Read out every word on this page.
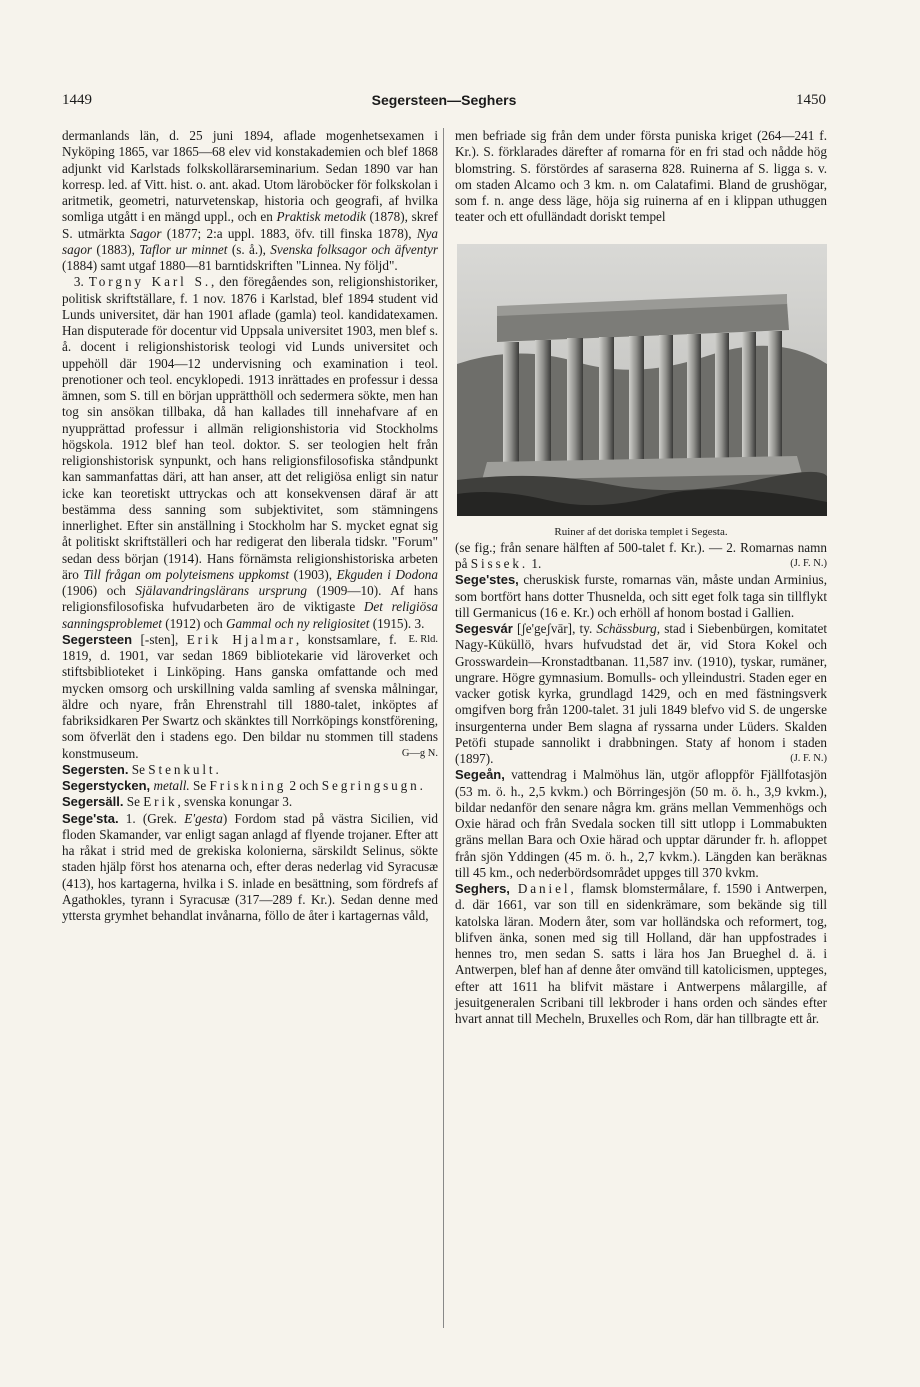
1449	Segersteen—Seghers	1450

dermanlands län, d. 25 juni 1894, aflade mogenhetsexamen i Nyköping 1865, var 1865—68 elev vid konstakademien och blef 1868 adjunkt vid Karlstads folkskollärarseminarium. Sedan 1890 var han korresp. led. af Vitt. hist. o. ant. akad. Utom läroböcker för folkskolan i aritmetik, geometri, naturvetenskap, historia och geografi, af hvilka somliga utgått i en mängd uppl., och en Praktisk metodik (1878), skref S. utmärkta Sagor (1877; 2:a uppl. 1883, öfv. till finska 1878), Nya sagor (1883), Taflor ur minnet (s. å.), Svenska folksagor och äfventyr (1884) samt utgaf 1880—81 barntidskriften "Linnea. Ny följd".

3. Torgny Karl S., den föregåendes son, religionshistoriker, politisk skriftställare, f. 1 nov. 1876 i Karlstad, blef 1894 student vid Lunds universitet, där han 1901 aflade (gamla) teol. kandidatexamen. Han disputerade för docentur vid Uppsala universitet 1903, men blef s. å. docent i religionshistorisk teologi vid Lunds universitet och uppehöll där 1904—12 undervisning och examination i teol. prenotioner och teol. encyklopedi. 1913 inrättades en professur i dessa ämnen, som S. till en början upprätthöll och sedermera sökte, men han tog sin ansökan tillbaka, då han kallades till innehafvare af en nyupprättad professur i allmän religionshistoria vid Stockholms högskola. 1912 blef han teol. doktor. S. ser teologien helt från religionshistorisk synpunkt, och hans religionsfilosofiska ståndpunkt kan sammanfattas däri, att han anser, att det religiösa enligt sin natur icke kan teoretiskt uttryckas och att konsekvensen däraf är att bestämma dess sanning som subjektivitet, som stämningens innerlighet. Efter sin anställning i Stockholm har S. mycket egnat sig åt politiskt skriftställeri och har redigerat den liberala tidskr. "Forum" sedan dess början (1914). Hans förnämsta religionshistoriska arbeten äro Till frågan om polyteismens uppkomst (1903), Ekguden i Dodona (1906) och Själavandringslärans ursprung (1909—10). Af hans religionsfilosofiska hufvudarbeten äro de viktigaste Det religiösa sanningsproblemet (1912) och Gammal och ny religiositet (1915). 3.
E. Rld.

Segersteen [-sten], Erik Hjalmar, konstsamlare, f. 1819, d. 1901, var sedan 1869 bibliotekarie vid läroverket och stiftsbiblioteket i Linköping. Hans ganska omfattande och med mycken omsorg och urskillning valda samling af svenska målningar, äldre och nyare, från Ehrenstrahl till 1880-talet, inköptes af fabriksidkaren Per Swartz och skänktes till Norrköpings konstförening, som öfverlät den i stadens ego. Den bildar nu stommen till stadens konstmuseum.	G—g N.

Segersten. Se Stenkult.

Segerstycken, metall. Se Friskning 2 och Segringsugn.

Segersäll. Se Erik, svenska konungar 3.

Sege'sta. 1. (Grek. E'gesta) Fordom stad på västra Sicilien, vid floden Skamander, var enligt sagan anlagd af flyende trojaner. Efter att ha råkat i strid med de grekiska kolonierna, särskildt Selinus, sökte staden hjälp först hos atenarna och, efter deras nederlag vid Syracusæ (413), hos kartagerna, hvilka i S. inlade en besättning, som fördrefs af Agathokles, tyrann i Syracusæ (317—289 f. Kr.). Sedan denne med yttersta grymhet behandlat invånarna, föllo de åter i kartagernas våld,

men befriade sig från dem under första puniska kriget (264—241 f. Kr.). S. förklarades därefter af romarna för en fri stad och nådde hög blomstring. S. förstördes af saraserna 828. Ruinerna af S. ligga s. v. om staden Alcamo och 3 km. n. om Calatafimi. Bland de grushögar, som f. n. ange dess läge, höja sig ruinerna af en i klippan uthuggen teater och ett ofulländadt doriskt tempel

Ruiner af det doriska templet i Segesta.

(se fig.; från senare hälften af 500-talet f. Kr.). — 2. Romarnas namn på Sissek. 1.	(J. F. N.)

Sege'stes, cheruskisk furste, romarnas vän, måste undan Arminius, som bortfört hans dotter Thusnelda, och sitt eget folk taga sin tillflykt till Germanicus (16 e. Kr.) och erhöll af honom bostad i Gallien.

Segesvár [ʃe'geʃvār], ty. Schässburg, stad i Siebenbürgen, komitatet Nagy-Küküllö, hvars hufvudstad det är, vid Stora Kokel och Grosswardein—Kronstadtbanan. 11,587 inv. (1910), tyskar, rumäner, ungrare. Högre gymnasium. Bomulls- och ylleindustri. Staden eger en vacker gotisk kyrka, grundlagd 1429, och en med fästningsverk omgifven borg från 1200-talet. 31 juli 1849 blefvo vid S. de ungerske insurgenterna under Bem slagna af ryssarna under Lüders. Skalden Petöfi stupade sannolikt i drabbningen. Staty af honom i staden (1897).	(J. F. N.)

Segeån, vattendrag i Malmöhus län, utgör afloppför Fjällfotasjön (53 m. ö. h., 2,5 kvkm.) och Börringesjön (50 m. ö. h., 3,9 kvkm.), bildar nedanför den senare några km. gräns mellan Vemmenhögs och Oxie härad och från Svedala socken till sitt utlopp i Lommabukten gräns mellan Bara och Oxie härad och upptar därunder fr. h. afloppet från sjön Yddingen (45 m. ö. h., 2,7 kvkm.). Längden kan beräknas till 45 km., och nederbördsområdet uppges till 370 kvkm.

Seghers, Daniel, flamsk blomstermålare, f. 1590 i Antwerpen, d. där 1661, var son till en sidenkrämare, som bekände sig till katolska läran. Modern åter, som var holländska och reformert, tog, blifven änka, sonen med sig till Holland, där han uppfostrades i hennes tro, men sedan S. satts i lära hos Jan Brueghel d. ä. i Antwerpen, blef han af denne åter omvänd till katolicismen, uppteges, efter att 1611 ha blifvit mästare i Antwerpens målargille, af jesuitgeneralen Scribani till lekbroder i hans orden och sändes efter hvart annat till Mecheln, Bruxelles och Rom, där han tillbragte ett år.
